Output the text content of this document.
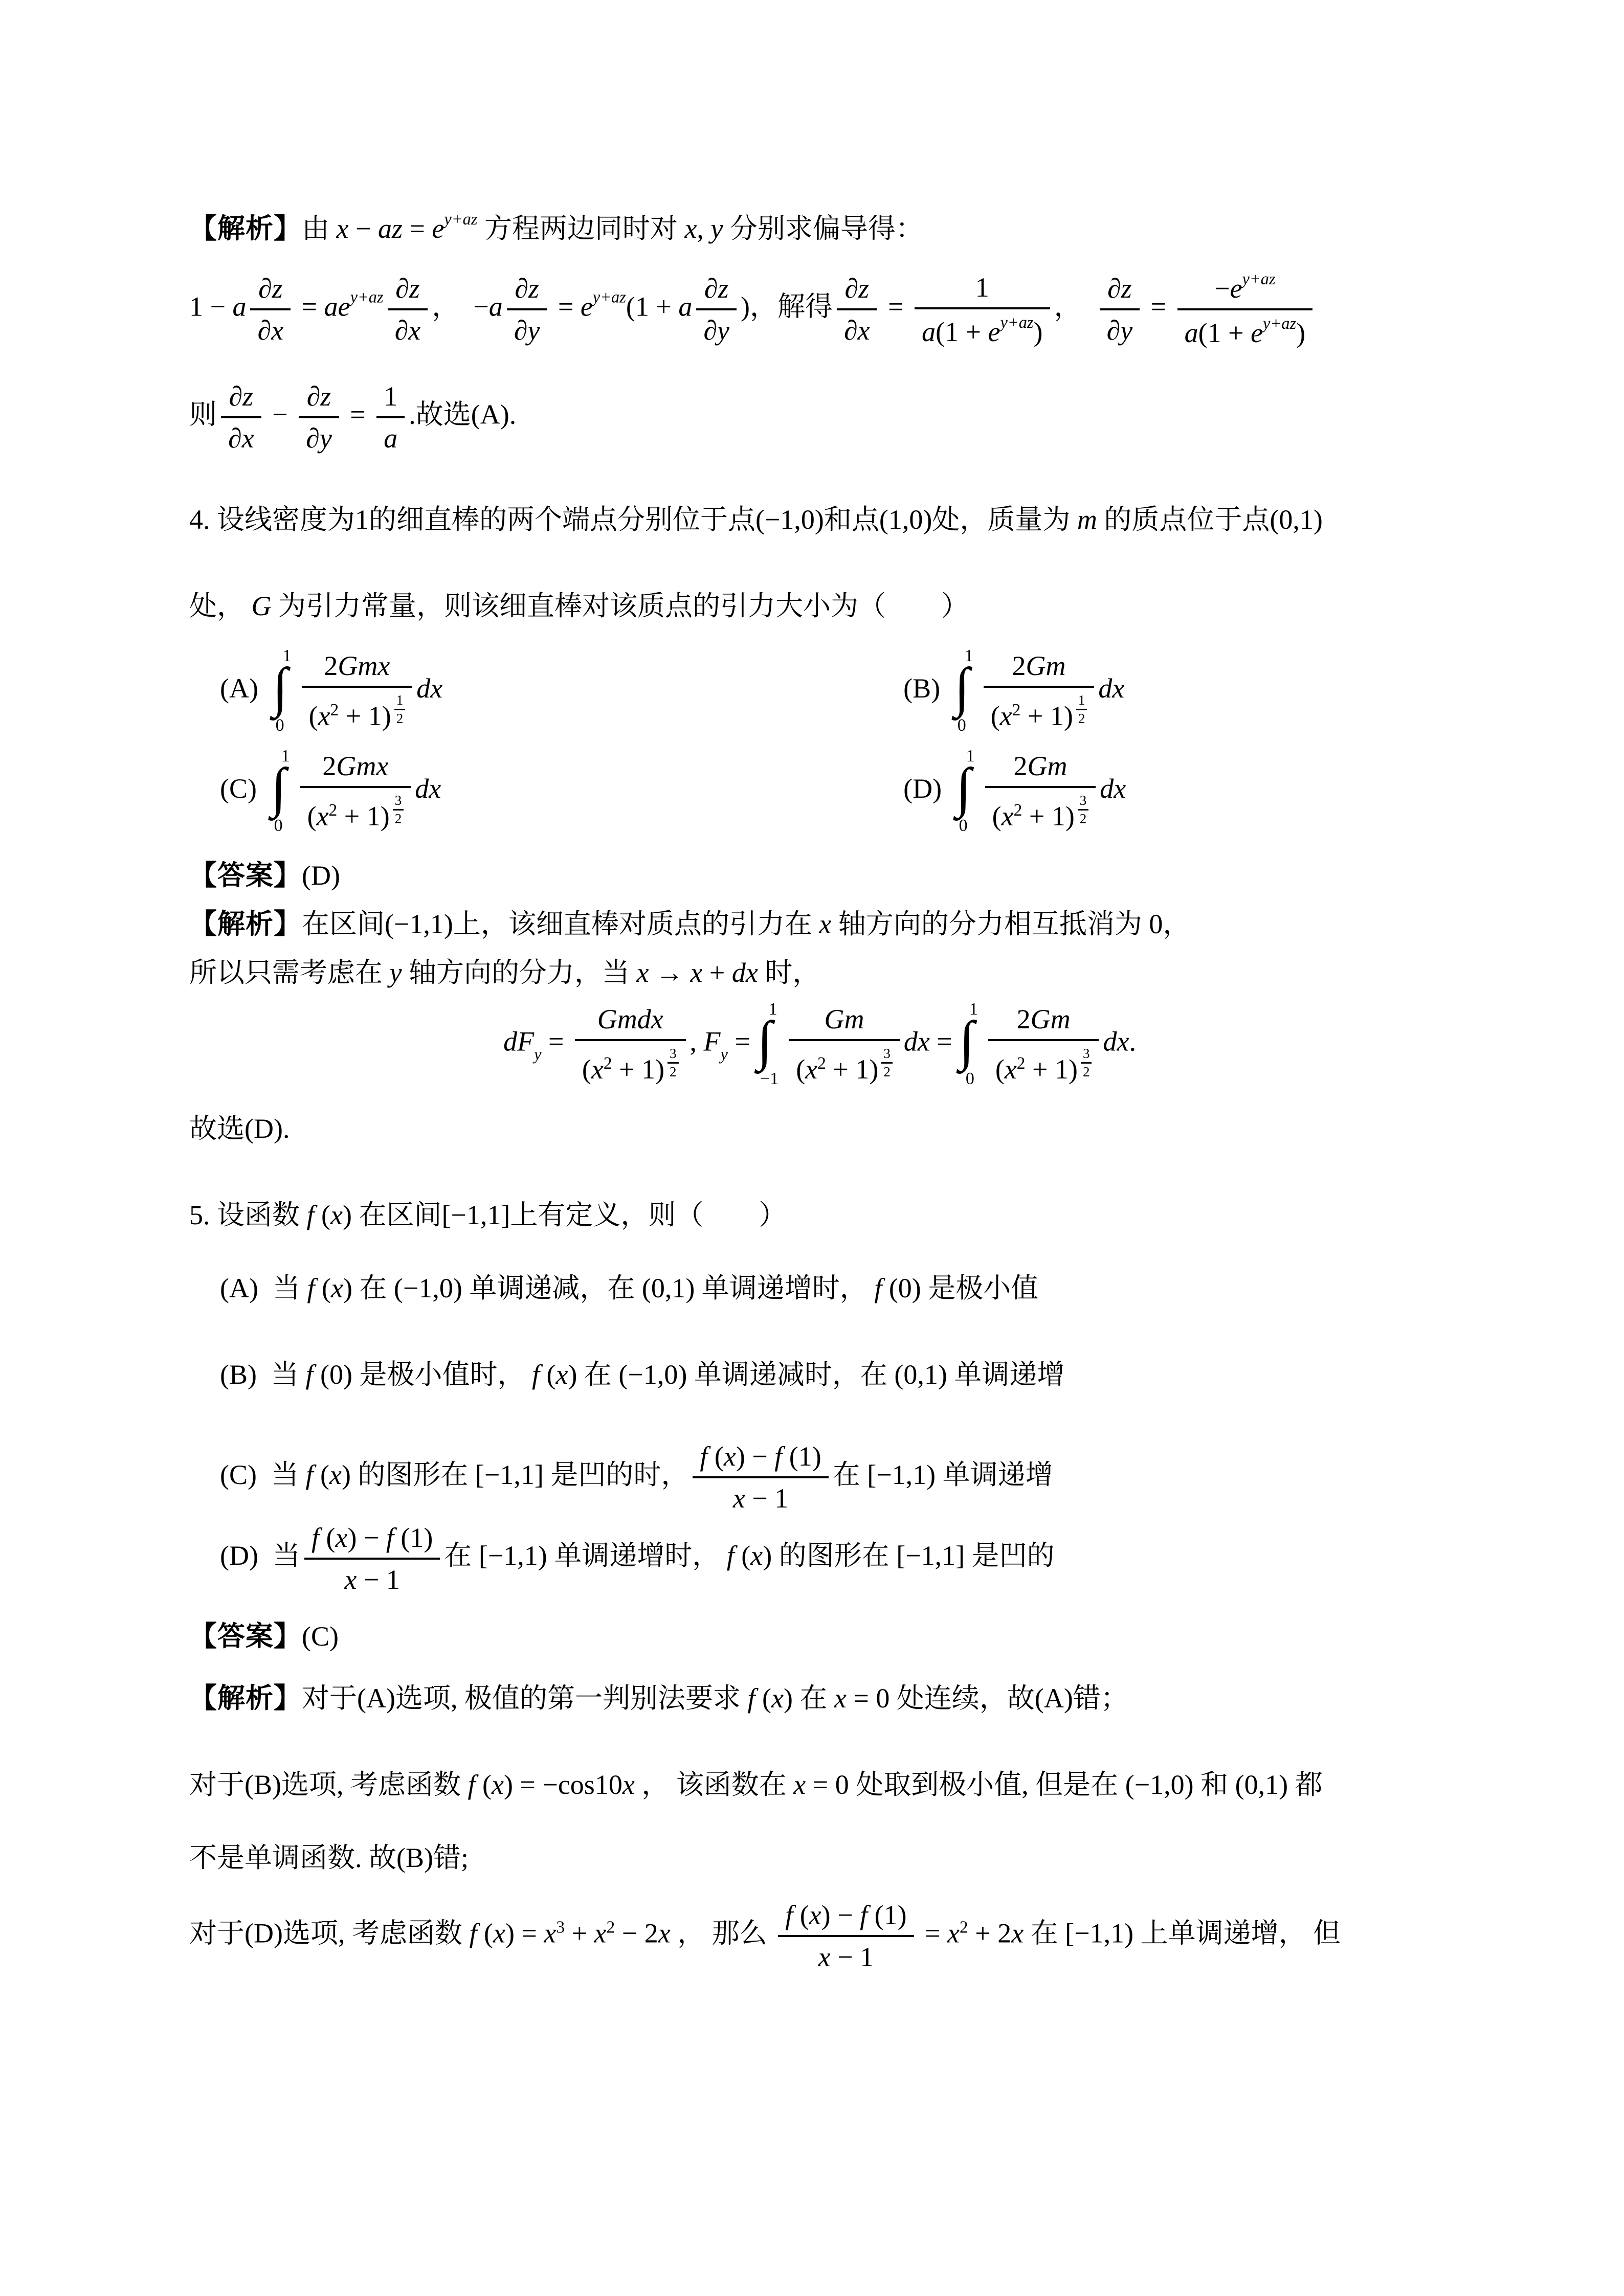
【解析】由 x − az = $e^{y+az}$ 方程两边同时对 x, y 分别求偏导得：

1 − a $\frac{\partial z}{\partial x} = ae^{y+az} \frac{\partial z}{\partial x}$ ，　$-a \frac{\partial z}{\partial y} = e^{y+az}(1 + a \frac{\partial z}{\partial y}$ )，解得 $\frac{\partial z}{\partial x} = \frac{1}{a(1 + e^{y+az})}$ ，　 $\frac{\partial z}{\partial y} = \frac{-e^{y+az}}{a(1 + e^{y+az})}$

则 $\frac{\partial z}{\partial x} - \frac{\partial z}{\partial y} = \frac{1}{a}$ .故选(A).

4. 设线密度为1的细直棒的两个端点分别位于点(−1,0)和点(1,0)处，质量为 m 的质点位于点(0,1)

处， G 为引力常量，则该细直棒对该质点的引力大小为（　　）

(A) ∫
1
$0 \frac{\text{2Gmx}}{(x^2 + 1) \frac{1}{2}}$ dx	(B) ∫
1
$0 \frac{2Gm}{(x^2 + 1) \frac{1}{2}}$ dx
(C) ∫
1
$0 \frac{\text{2Gmx}}{(x^2 + 1) \frac{3}{2}}$ dx	(D) ∫
1
$0 \frac{2Gm}{(x^2 + 1) \frac{3}{2}}$ dx

【答案】(D)

【解析】在区间(−1,1)上，该细直棒对质点的引力在 x 轴方向的分力相互抵消为 0，

所以只需考虑在 y 轴方向的分力，当 x → x + dx 时，

$dF_y = \frac{\text{Gmdx}}{(x^2 + 1) \frac{3}{2}}$ , $F_y$ = ∫
1
$-1 \frac{Gm}{(x^2 + 1) \frac{3}{2}}$ dx = ∫
1
$0 \frac{2Gm}{(x^2 + 1) \frac{3}{2}}$ dx.

故选(D).

5. 设函数 f (x) 在区间[−1,1]上有定义，则（　　）

(A) 当 f (x) 在 (−1,0) 单调递减，在 (0,1) 单调递增时， f (0) 是极小值

(B) 当 f (0) 是极小值时， f (x) 在 (−1,0) 单调递减时，在 (0,1) 单调递增

(C) 当 f (x) 的图形在 [−1,1] 是凹的时， $\frac{f (x) - f (1)}{x - 1}$ 在 [−1,1) 单调递增

(D) 当 $\frac{f (x) - f (1)}{x - 1}$ 在 [−1,1) 单调递增时， f (x) 的图形在 [−1,1] 是凹的

【答案】(C)

【解析】对于(A)选项, 极值的第一判别法要求 f (x) 在 x = 0 处连续，故(A)错；

对于(B)选项, 考虑函数 f (x) = −cos10x ， 该函数在 x = 0 处取到极小值, 但是在 (−1,0) 和 (0,1) 都

不是单调函数. 故(B)错;

对于(D)选项, 考虑函数 f $(x) = x^3 + x^2 - 2x$ ， 那么 $\frac{f (x) - f (1)}{x - 1} = x^2 + 2x$ 在 [−1,1) 上单调递增， 但
